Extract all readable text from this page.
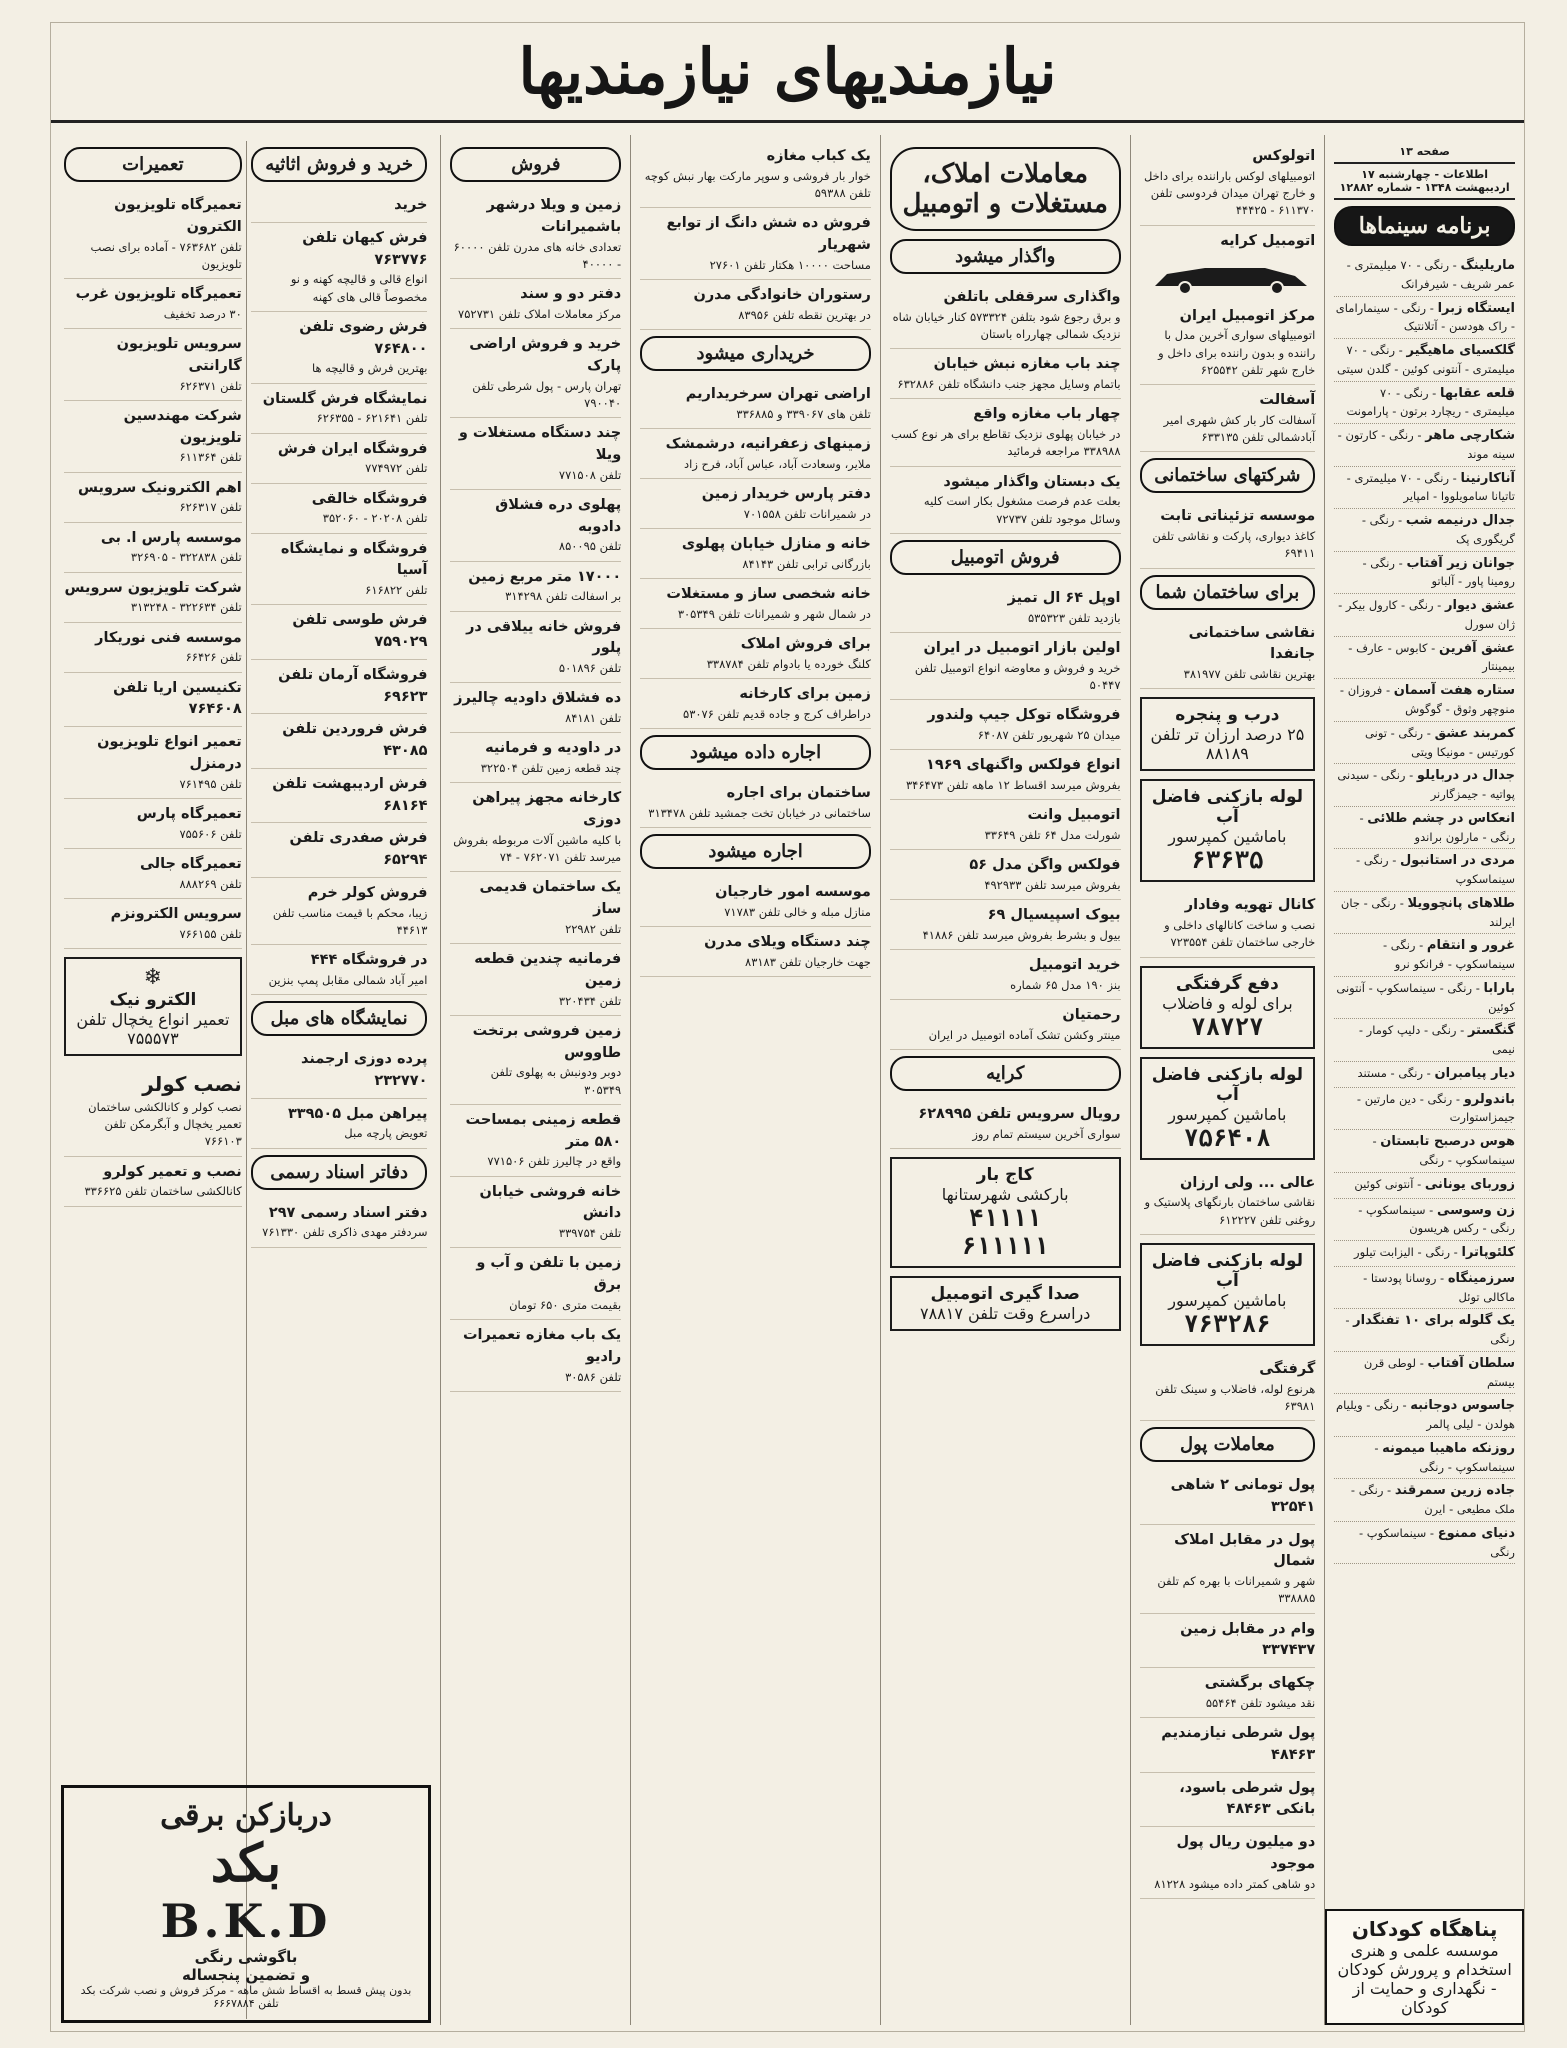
نیازمندیهای نیازمندیها
صفحه ۱۳
اطلاعات - چهارشنبه ۱۷ اردیبهشت ۱۳۴۸ - شماره ۱۲۸۸۲
برنامه سینماها
ماریلینگ - رنگی - ۷۰ میلیمتری - عمر شریف - شیرفرانک
ایستگاه زبرا - رنگی - سینمارامای - راک هودسن - آتلانتیک
گلکسیای ماهیگیر - رنگی - ۷۰ میلیمتری - آنتونی کوئین - گلدن سیتی
قلعه عقابها - رنگی - ۷۰ میلیمتری - ریچارد برتون - پارامونت
شکارچی ماهر - رنگی - کارتون - سینه موند
آناکارنینا - رنگی - ۷۰ میلیمتری - تاتیانا سامویلووا - امپایر
جدال درنیمه شب - رنگی - گریگوری پک
جوانان زیر آفتاب - رنگی - رومینا پاور - آلباتو
عشق دیوار - رنگی - کارول بیکر - ژان سورل
عشق آفرین - کابوس - عارف - بیمینتار
ستاره هفت آسمان - فروزان - منوچهر وثوق - گوگوش
کمربند عشق - رنگی - تونی کورتیس - مونیکا ویتی
جدال در دربایلو - رنگی - سیدنی پواتیه - جیمزگارنر
انعکاس در چشم طلائی - رنگی - مارلون براندو
مردی در استانبول - رنگی - سینماسکوپ
طلاهای پانچوویلا - رنگی - جان ایرلند
غرور و انتقام - رنگی - سینماسکوپ - فرانکو نرو
بارابا - رنگی - سینماسکوپ - آنتونی کوئین
گنگستر - رنگی - دلیپ کومار - نیمی
دیار پیامبران - رنگی - مستند
باندولرو - رنگی - دین مارتین - جیمزاستوارت
هوس درصبح تابستان - سینماسکوپ - رنگی
زوربای یونانی - آنتونی کوئین
زن وسوسی - سینماسکوپ - رنگی - رکس هریسون
کلئوپاترا - رنگی - الیزابت تیلور
سرزمینگاه - روسانا پودستا - ماکالی توئل
یک گلوله برای ۱۰ تفنگدار - رنگی
سلطان آفتاب - لوطی قرن بیستم
جاسوس دوجانبه - رنگی - ویلیام هولدن - لیلی پالمر
روزنکه ماهیبا میمونه - سینماسکوپ - رنگی
جاده زرین سمرقند - رنگی - ملک مطیعی - ایرن
دنیای ممنوع - سینماسکوپ - رنگی
پناهگاه کودکان
موسسه علمی و هنری استخدام و پرورش کودکان - نگهداری و حمایت از کودکان
اتولوکس
اتومبیلهای لوکس باراننده برای داخل و خارج تهران میدان فردوسی تلفن ۶۱۱۳۷۰ - ۴۴۴۲۵
اتومبیل کرایه
مرکز اتومبیل ایران
اتومبیلهای سواری آخرین مدل با راننده و بدون راننده برای داخل و خارج شهر تلفن ۶۲۵۵۴۲
آسفالت
آسفالت کار بار کش شهری امیر آبادشمالی تلفن ۶۳۳۱۳۵
شرکتهای ساختمانی
موسسه تزئیناتی تابت
کاغذ دیواری، پارکت و نقاشی تلفن ۶۹۴۱۱
برای ساختمان شما
نقاشی ساختمانی جانفدا
بهترین نقاشی تلفن ۳۸۱۹۷۷
درب و پنجره
۲۵ درصد ارزان تر تلفن ۸۸۱۸۹
لوله بازکنی فاضل آب
باماشین کمپرسور
۶۳۶۳۵
کانال تهویه وفادار
نصب و ساخت کانالهای داخلی و خارجی ساختمان تلفن ۷۲۳۵۵۴
دفع گرفتگی
برای لوله و فاضلاب
۷۸۷۲۷
لوله بازکنی فاضل آب
باماشین کمپرسور
۷۵۶۴۰۸
عالی ... ولی ارزان
نقاشی ساختمان بارنگهای پلاستیک و روغنی تلفن ۶۱۲۲۲۷
لوله بازکنی فاضل آب
باماشین کمپرسور
۷۶۳۲۸۶
گرفتگی
هرنوع لوله، فاضلاب و سینک تلفن ۶۳۹۸۱
معاملات پول
پول تومانی ۲ شاهی ۳۲۵۴۱
پول در مقابل املاک شمال
شهر و شمیرانات با بهره کم تلفن ۳۳۸۸۸۵
وام در مقابل زمین ۳۳۷۴۳۷
چکهای برگشتی
نقد میشود تلفن ۵۵۴۶۴
پول شرطی نیازمندیم ۴۸۴۶۳
پول شرطی باسود، بانکی ۴۸۴۶۳
دو میلیون ریال پول موجود
دو شاهی کمتر داده میشود ۸۱۲۲۸
معاملات املاک، مستغلات و اتومبیل
واگذار میشود
واگذاری سرقفلی باتلفن
و برق رجوع شود بتلفن ۵۷۳۳۲۴ کنار خیابان شاه نزدیک شمالی چهارراه باستان
چند باب مغازه نبش خیابان
باتمام وسایل مجهز جنب دانشگاه تلفن ۶۳۲۸۸۶
چهار باب مغازه واقع
در خیابان پهلوی نزدیک تقاطع برای هر نوع کسب ۳۳۸۹۸۸ مراجعه فرمائید
یک دبستان واگذار میشود
بعلت عدم فرصت مشغول بکار است کلیه وسائل موجود تلفن ۷۲۷۳۷
فروش اتومبیل
اوپل ۶۴ ال تمیز
بازدید تلفن ۵۳۵۳۲۳
اولین بازار اتومبیل در ایران
خرید و فروش و معاوضه انواع اتومبیل تلفن ۵۰۴۴۷
فروشگاه توکل جیپ ولندور
میدان ۲۵ شهریور تلفن ۶۴۰۸۷
انواع فولکس واگنهای ۱۹۶۹
بفروش میرسد اقساط ۱۲ ماهه تلفن ۳۴۶۴۷۳
اتومبیل وانت
شورلت مدل ۶۴ تلفن ۳۳۶۴۹
فولکس واگن مدل ۵۶
بفروش میرسد تلفن ۴۹۲۹۳۳
بیوک اسپیسیال ۶۹
بیول و بشرط بفروش میرسد تلفن ۴۱۸۸۶
خرید اتومبیل
بنز ۱۹۰ مدل ۶۵ شماره
رحمتیان
مینتر وکشن تشک آماده اتومبیل در ایران
کرایه
رویال سرویس تلفن ۶۲۸۹۹۵
سواری آخرین سیستم تمام روز
کاج بار
بارکشی شهرستانها
۴۱۱۱۱
۶۱۱۱۱۱
صدا گیری اتومبیل
دراسرع وقت تلفن ۷۸۸۱۷
یک کباب مغازه
خوار بار فروشی و سوپر مارکت بهار نبش کوچه تلفن ۵۹۳۸۸
فروش ده شش دانگ از توابع شهریار
مساحت ۱۰۰۰۰ هکتار تلفن ۲۷۶۰۱
رستوران خانوادگی مدرن
در بهترین نقطه تلفن ۸۳۹۵۶
خریداری میشود
اراضی تهران سرخریداریم
تلفن های ۳۳۹۰۶۷ و ۳۳۶۸۸۵
زمینهای زعفرانیه، درشمشک
ملایر، وسعادت آباد، عباس آباد، فرح زاد
دفتر پارس خریدار زمین
در شمیرانات تلفن ۷۰۱۵۵۸
خانه و منازل خیابان پهلوی
بازرگانی ترابی تلفن ۸۴۱۴۳
خانه شخصی ساز و مستغلات
در شمال شهر و شمیرانات تلفن ۳۰۵۳۴۹
برای فروش املاک
کلنگ خورده یا بادوام تلفن ۳۳۸۷۸۴
زمین برای کارخانه
دراطراف کرج و جاده قدیم تلفن ۵۳۰۷۶
اجاره داده میشود
ساختمان برای اجاره
ساختمانی در خیابان تخت جمشید تلفن ۳۱۳۴۷۸
اجاره میشود
موسسه امور خارجیان
منازل مبله و خالی تلفن ۷۱۷۸۳
چند دستگاه ویلای مدرن
جهت خارجیان تلفن ۸۳۱۸۳
فروش
زمین و ویلا درشهر باشمیرانات
تعدادی خانه های مدرن تلفن ۶۰۰۰۰ - ۴۰۰۰۰
دفتر دو و سند
مرکز معاملات املاک تلفن ۷۵۲۷۳۱
خرید و فروش اراضی پارک
تهران پارس - پول شرطی تلفن ۷۹۰۰۴۰
چند دستگاه مستغلات و ویلا
تلفن ۷۷۱۵۰۸
پهلوی دره فشلاق دادوبه
تلفن ۸۵۰۰۹۵
۱۷۰۰۰ متر مربع زمین
بر اسفالت تلفن ۳۱۴۲۹۸
فروش خانه ییلاقی در پلور
تلفن ۵۰۱۸۹۶
ده فشلاق داودیه چالیرز
تلفن ۸۴۱۸۱
در داودیه و فرمانیه
چند قطعه زمین تلفن ۳۲۲۵۰۴
کارخانه مجهز پیراهن دوزی
با کلیه ماشین آلات مربوطه بفروش میرسد تلفن ۷۶۲۰۷۱ - ۷۴
یک ساختمان قدیمی ساز
تلفن ۲۲۹۸۲
فرمانیه چندین قطعه زمین
تلفن ۳۲۰۴۳۴
زمین فروشی برتخت طاووس
دوبر ودونبش به پهلوی تلفن ۳۰۵۳۴۹
قطعه زمینی بمساحت ۵۸۰ متر
واقع در چالیرز تلفن ۷۷۱۵۰۶
خانه فروشی خیابان دانش
تلفن ۳۳۹۷۵۴
زمین با تلفن و آب و برق
بقیمت متری ۶۵۰ تومان
یک باب مغازه تعمیرات رادیو
تلفن ۳۰۵۸۶
خرید و فروش اثاثیه
خرید
فرش کیهان تلفن ۷۶۳۷۷۶
انواع قالی و قالیچه کهنه و نو مخصوصاً قالی های کهنه
فرش رضوی تلفن ۷۶۴۸۰۰
بهترین فرش و قالیچه ها
نمایشگاه فرش گلستان
تلفن ۶۲۱۶۴۱ - ۶۲۶۳۵۵
فروشگاه ایران فرش
تلفن ۷۷۴۹۷۲
فروشگاه خالقی
تلفن ۲۰۲۰۸ - ۳۵۲۰۶۰
فروشگاه و نمایشگاه آسیا
تلفن ۶۱۶۸۲۲
فرش طوسی تلفن ۷۵۹۰۲۹
فروشگاه آرمان تلفن ۶۹۶۲۳
فرش فروردین تلفن ۴۳۰۸۵
فرش اردیبهشت تلفن ۶۸۱۶۴
فرش صفدری تلفن ۶۵۲۹۴
فروش کولر خرم
زیبا، محکم با قیمت مناسب تلفن ۴۴۶۱۳
در فروشگاه ۴۴۴
امیر آباد شمالی مقابل پمپ بنزین
نمایشگاه های مبل
پرده دوزی ارجمند ۲۳۲۷۷۰
پیراهن مبل ۳۳۹۵۰۵
تعویض پارچه مبل
دفاتر اسناد رسمی
دفتر اسناد رسمی ۲۹۷
سردفتر مهدی ذاکری تلفن ۷۶۱۳۳۰
تعمیرات
تعمیرگاه تلویزیون الکترون
تلفن ۷۶۳۶۸۲ - آماده برای نصب تلویزیون
تعمیرگاه تلویزیون غرب
۳۰ درصد تخفیف
سرویس تلویزیون گارانتی
تلفن ۶۲۶۳۷۱
شرکت مهندسین تلویزیون
تلفن ۶۱۱۳۶۴
اهم الکترونیک سرویس
تلفن ۶۲۶۳۱۷
موسسه پارس ا. بی
تلفن ۳۲۲۸۳۸ - ۳۲۶۹۰۵
شرکت تلویزیون سرویس
تلفن ۳۲۲۶۳۴ - ۳۱۳۲۴۸
موسسه فنی نوریکار
تلفن ۶۶۴۲۶
تکنیسین اریا تلفن ۷۶۴۶۰۸
تعمیر انواع تلویزیون درمنزل
تلفن ۷۶۱۴۹۵
تعمیرگاه پارس
تلفن ۷۵۵۶۰۶
تعمیرگاه جالی
تلفن ۸۸۸۲۶۹
سرویس الکترونزم
تلفن ۷۶۶۱۵۵
❄
الکترو نیک
تعمیر انواع یخچال تلفن ۷۵۵۵۷۳
نصب کولر
نصب کولر و کانالکشی ساختمان تعمیر یخچال و آبگرمکن تلفن ۷۶۶۱۰۳
نصب و تعمیر کولرو
کانالکشی ساختمان تلفن ۳۳۶۶۲۵
دربازکن برقی
بکد
B.K.D
باگوشی رنگی
و تضمین پنجساله
بدون پیش قسط به اقساط شش ماهه - مرکز فروش و نصب شرکت بکد تلفن ۶۶۶۷۸۸۴
